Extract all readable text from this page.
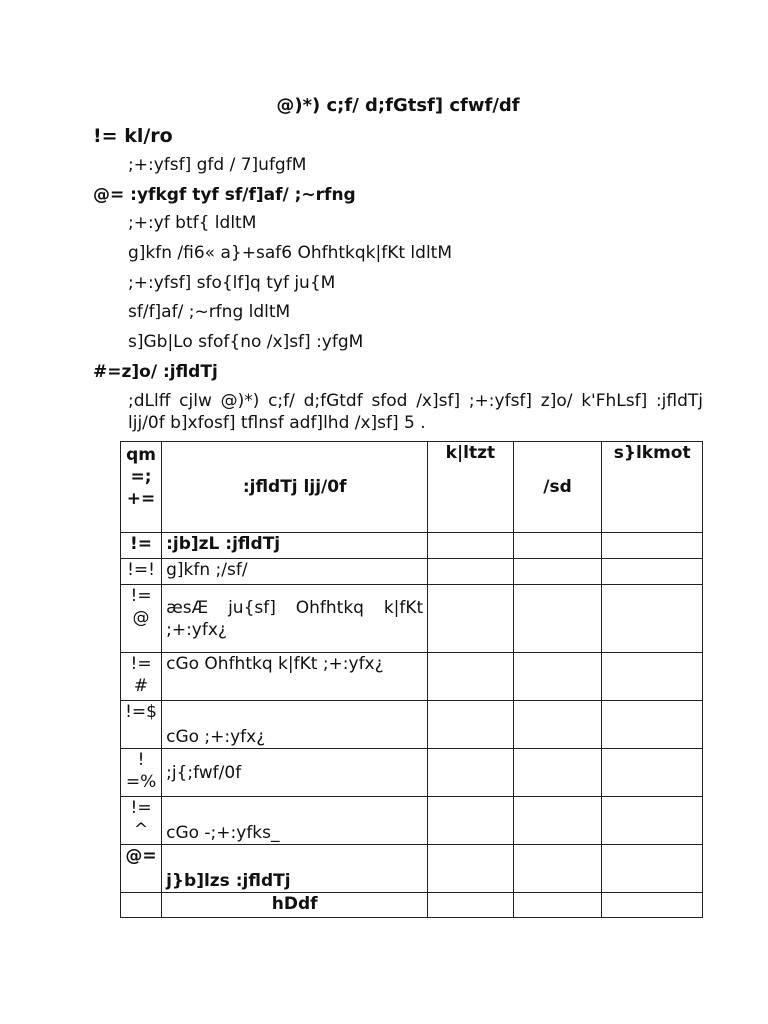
@)*) c;f/ d;fGtsf] cfwf/df
!= kl/ro
;+:yfsf] gfd / 7]ufgfM
@= :yfkgf tyf sf/f]af/ ;~rfng
;+:yf btf{ ldltM
g]kfn /fi6« a}+saf6 Ohfhtkqk|fKt ldltM
;+:yfsf] sfo{lf]q tyf ju{M
sf/f]af/ ;~rfng ldltM
s]Gb|Lo sfof{no /x]sf] :yfgM
#=z]o/ :jfldTj
;dLlff cjlw @)*) c;f/ d;fGtdf sfod /x]sf] ;+:yfsf] z]o/ k'FhLsf] :jfldTj ljj/0f b]xfosf] tflnsf adf]lhd /x]sf] 5 .
qm=;+=	:jfldTj ljj/0f	k|ltzt	/sd	s}lkmot
!=	:jb]zL :jfldTj			
!=!	g]kfn ;/sf/			
!=@	æsÆ ju{sf] Ohfhtkq k|fKt ;+:yfx¿			
!=#	cGo Ohfhtkq k|fKt ;+:yfx¿			
!=$	cGo ;+:yfx¿			
!=%	;j{;fwf/0f			
!=^	cGo -;+:yfks_			
@=	j}b]lzs :jfldTj			
	hDdf			
